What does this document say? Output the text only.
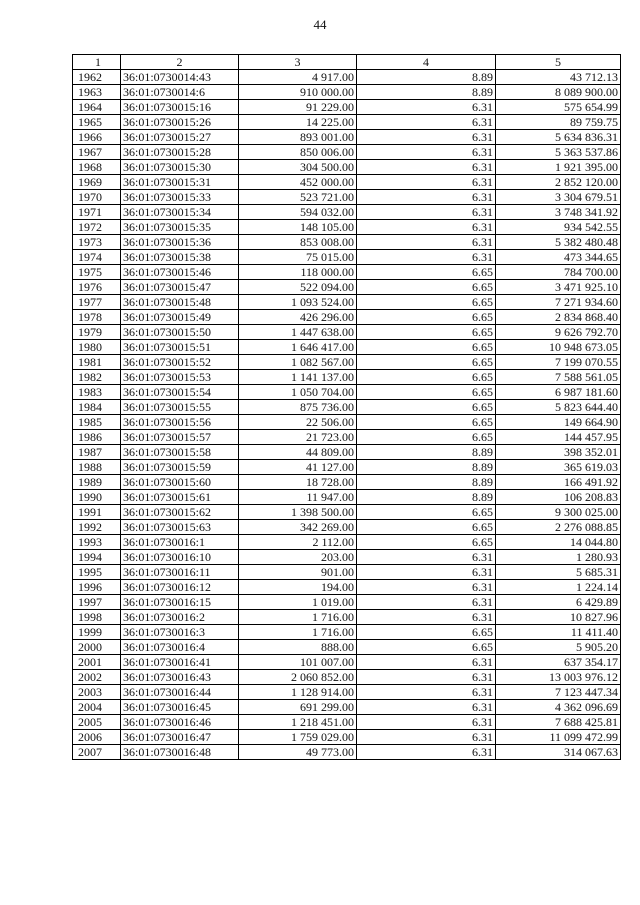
44
1	2	3	4	5
1962	36:01:0730014:43	4 917.00	8.89	43 712.13
1963	36:01:0730014:6	910 000.00	8.89	8 089 900.00
1964	36:01:0730015:16	91 229.00	6.31	575 654.99
1965	36:01:0730015:26	14 225.00	6.31	89 759.75
1966	36:01:0730015:27	893 001.00	6.31	5 634 836.31
1967	36:01:0730015:28	850 006.00	6.31	5 363 537.86
1968	36:01:0730015:30	304 500.00	6.31	1 921 395.00
1969	36:01:0730015:31	452 000.00	6.31	2 852 120.00
1970	36:01:0730015:33	523 721.00	6.31	3 304 679.51
1971	36:01:0730015:34	594 032.00	6.31	3 748 341.92
1972	36:01:0730015:35	148 105.00	6.31	934 542.55
1973	36:01:0730015:36	853 008.00	6.31	5 382 480.48
1974	36:01:0730015:38	75 015.00	6.31	473 344.65
1975	36:01:0730015:46	118 000.00	6.65	784 700.00
1976	36:01:0730015:47	522 094.00	6.65	3 471 925.10
1977	36:01:0730015:48	1 093 524.00	6.65	7 271 934.60
1978	36:01:0730015:49	426 296.00	6.65	2 834 868.40
1979	36:01:0730015:50	1 447 638.00	6.65	9 626 792.70
1980	36:01:0730015:51	1 646 417.00	6.65	10 948 673.05
1981	36:01:0730015:52	1 082 567.00	6.65	7 199 070.55
1982	36:01:0730015:53	1 141 137.00	6.65	7 588 561.05
1983	36:01:0730015:54	1 050 704.00	6.65	6 987 181.60
1984	36:01:0730015:55	875 736.00	6.65	5 823 644.40
1985	36:01:0730015:56	22 506.00	6.65	149 664.90
1986	36:01:0730015:57	21 723.00	6.65	144 457.95
1987	36:01:0730015:58	44 809.00	8.89	398 352.01
1988	36:01:0730015:59	41 127.00	8.89	365 619.03
1989	36:01:0730015:60	18 728.00	8.89	166 491.92
1990	36:01:0730015:61	11 947.00	8.89	106 208.83
1991	36:01:0730015:62	1 398 500.00	6.65	9 300 025.00
1992	36:01:0730015:63	342 269.00	6.65	2 276 088.85
1993	36:01:0730016:1	2 112.00	6.65	14 044.80
1994	36:01:0730016:10	203.00	6.31	1 280.93
1995	36:01:0730016:11	901.00	6.31	5 685.31
1996	36:01:0730016:12	194.00	6.31	1 224.14
1997	36:01:0730016:15	1 019.00	6.31	6 429.89
1998	36:01:0730016:2	1 716.00	6.31	10 827.96
1999	36:01:0730016:3	1 716.00	6.65	11 411.40
2000	36:01:0730016:4	888.00	6.65	5 905.20
2001	36:01:0730016:41	101 007.00	6.31	637 354.17
2002	36:01:0730016:43	2 060 852.00	6.31	13 003 976.12
2003	36:01:0730016:44	1 128 914.00	6.31	7 123 447.34
2004	36:01:0730016:45	691 299.00	6.31	4 362 096.69
2005	36:01:0730016:46	1 218 451.00	6.31	7 688 425.81
2006	36:01:0730016:47	1 759 029.00	6.31	11 099 472.99
2007	36:01:0730016:48	49 773.00	6.31	314 067.63
